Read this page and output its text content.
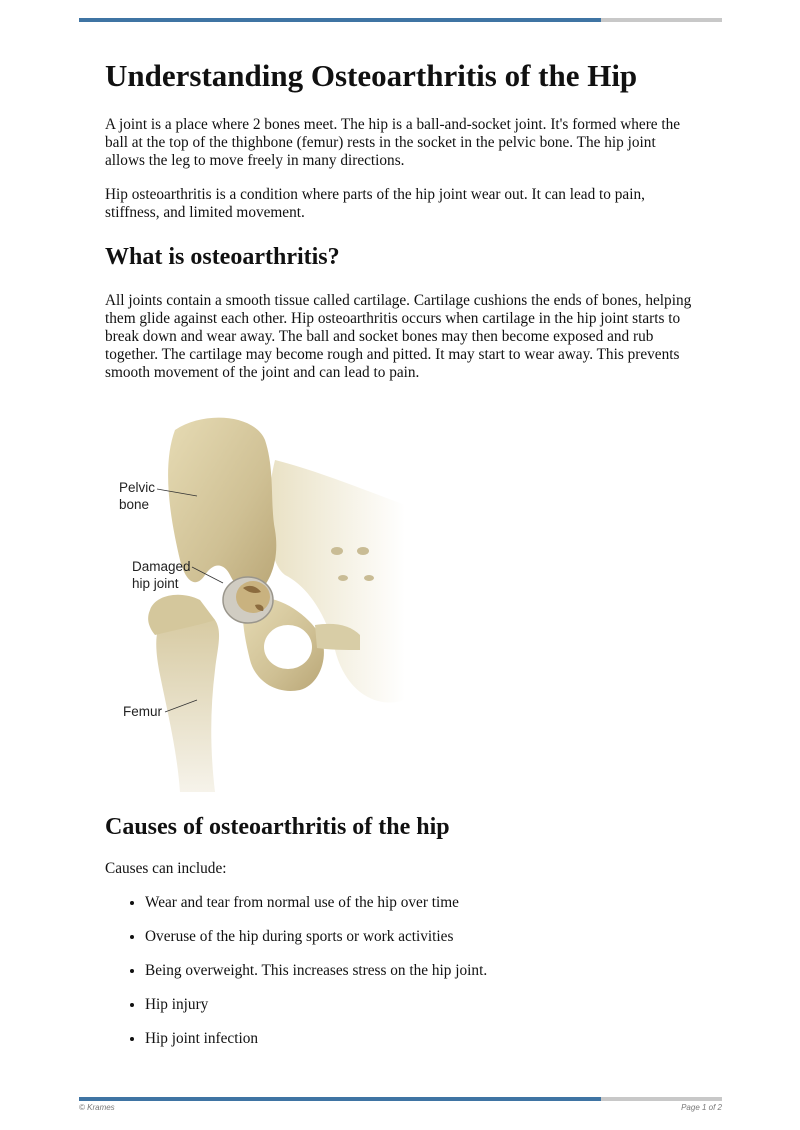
Understanding Osteoarthritis of the Hip

A joint is a place where 2 bones meet. The hip is a ball-and-socket joint. It's formed where the ball at the top of the thighbone (femur) rests in the socket in the pelvic bone. The hip joint allows the leg to move freely in many directions.

Hip osteoarthritis is a condition where parts of the hip joint wear out. It can lead to pain, stiffness, and limited movement.

What is osteoarthritis?

All joints contain a smooth tissue called cartilage. Cartilage cushions the ends of bones, helping them glide against each other. Hip osteoarthritis occurs when cartilage in the hip joint starts to break down and wear away. The ball and socket bones may then become exposed and rub together. The cartilage may become rough and pitted. It may start to wear away. This prevents smooth movement of the joint and can lead to pain.

Pelvic
bone
Damaged
hip joint
Femur
Causes of osteoarthritis of the hip

Causes can include:

• Wear and tear from normal use of the hip over time
• Overuse of the hip during sports or work activities
• Being overweight. This increases stress on the hip joint.
• Hip injury
• Hip joint infection
© Krames	Page 1 of 2
